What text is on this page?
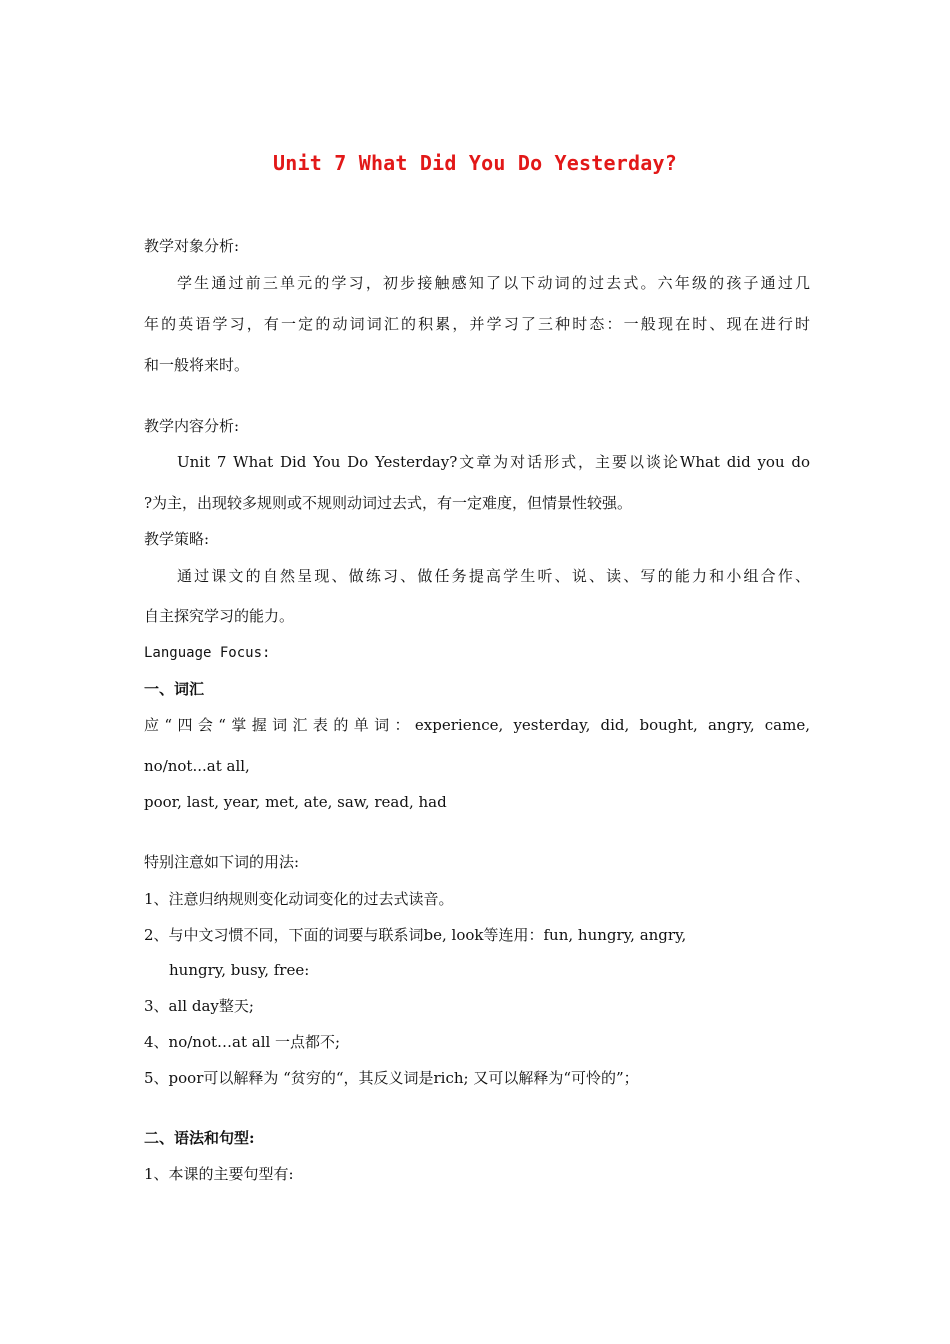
Unit 7 What Did You Do Yesterday?
教学对象分析:
学生通过前三单元的学习，初步接触感知了以下动词的过去式。六年级的孩子通过几
年的英语学习，有一定的动词词汇的积累，并学习了三种时态：一般现在时、现在进行时
和一般将来时。
教学内容分析:
Unit 7 What Did You Do Yesterday?文章为对话形式，主要以谈论What did you do
?为主，出现较多规则或不规则动词过去式，有一定难度，但情景性较强。
教学策略:
通过课文的自然呈现、做练习、做任务提高学生听、说、读、写的能力和小组合作、
自主探究学习的能力。
Language Focus:
一、词汇
应“四会“掌握词汇表的单词：experience, yesterday, did, bought, angry, came,
no/not...at all,
poor, last, year, met, ate, saw, read, had
特别注意如下词的用法:
1、注意归纳规则变化动词变化的过去式读音。
2、与中文习惯不同，下面的词要与联系词be, look等连用：fun, hungry, angry,
hungry, busy, free:
3、all day整天;
4、no/not…at all 一点都不;
5、poor可以解释为 “贫穷的“，其反义词是rich; 又可以解释为“可怜的”；
二、语法和句型:
1、本课的主要句型有:
